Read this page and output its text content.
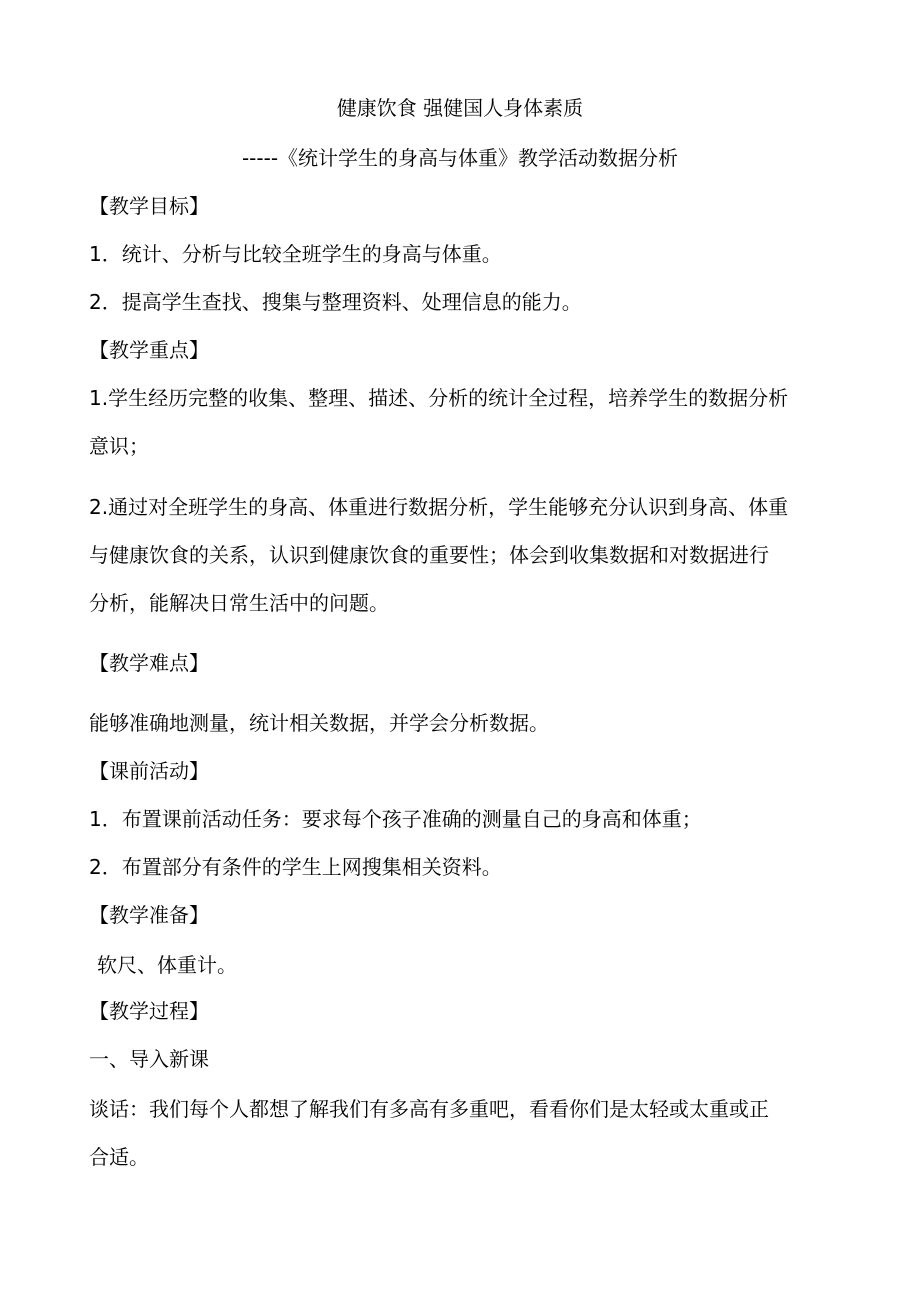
健康饮食 强健国人身体素质
-----《统计学生的身高与体重》教学活动数据分析
【教学目标】
1．统计、分析与比较全班学生的身高与体重。
2．提高学生查找、搜集与整理资料、处理信息的能力。
【教学重点】
1.学生经历完整的收集、整理、描述、分析的统计全过程，培养学生的数据分析
意识；
2.通过对全班学生的身高、体重进行数据分析，学生能够充分认识到身高、体重
与健康饮食的关系，认识到健康饮食的重要性；体会到收集数据和对数据进行
分析，能解决日常生活中的问题。
【教学难点】
能够准确地测量，统计相关数据，并学会分析数据。
【课前活动】
1．布置课前活动任务：要求每个孩子准确的测量自己的身高和体重；
2．布置部分有条件的学生上网搜集相关资料。
【教学准备】
软尺、体重计。
【教学过程】
一、导入新课
谈话：我们每个人都想了解我们有多高有多重吧，看看你们是太轻或太重或正
合适。
